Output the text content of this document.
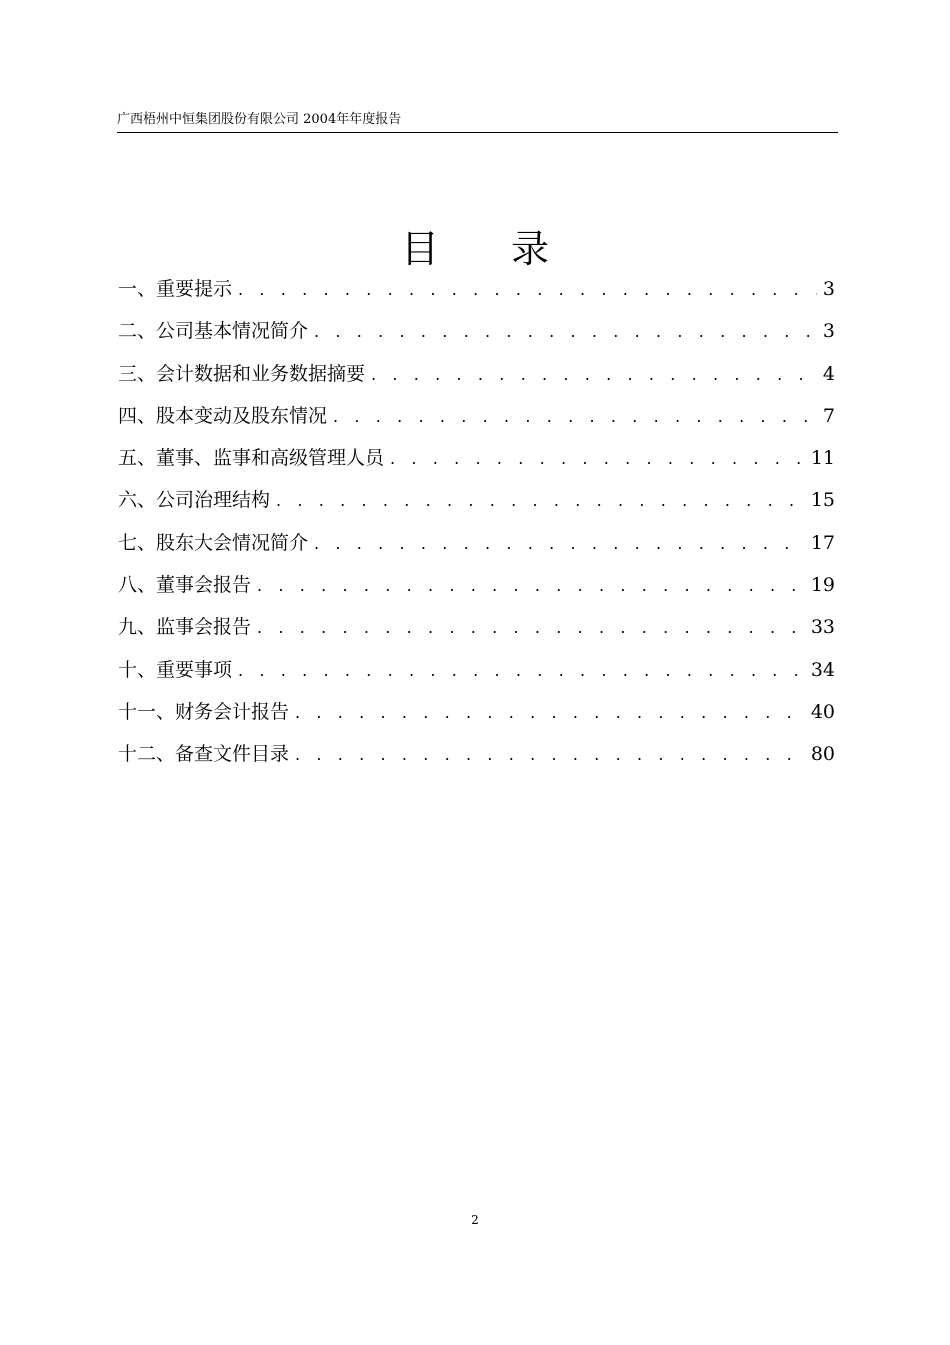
广西梧州中恒集团股份有限公司 2004年年度报告
目 录
一、重要提示 . . .	3
二、公司基本情况简介 . . .	3
三、会计数据和业务数据摘要 . . .	4
四、股本变动及股东情况 . . .	7
五、董事、监事和高级管理人员 . . .	11
六、公司治理结构 . . .	15
七、股东大会情况简介 . . .	17
八、董事会报告 . . .	19
九、监事会报告 . . .	33
十、重要事项 . . .	34
十一、财务会计报告 . . .	40
十二、备查文件目录 . . .	80
2
